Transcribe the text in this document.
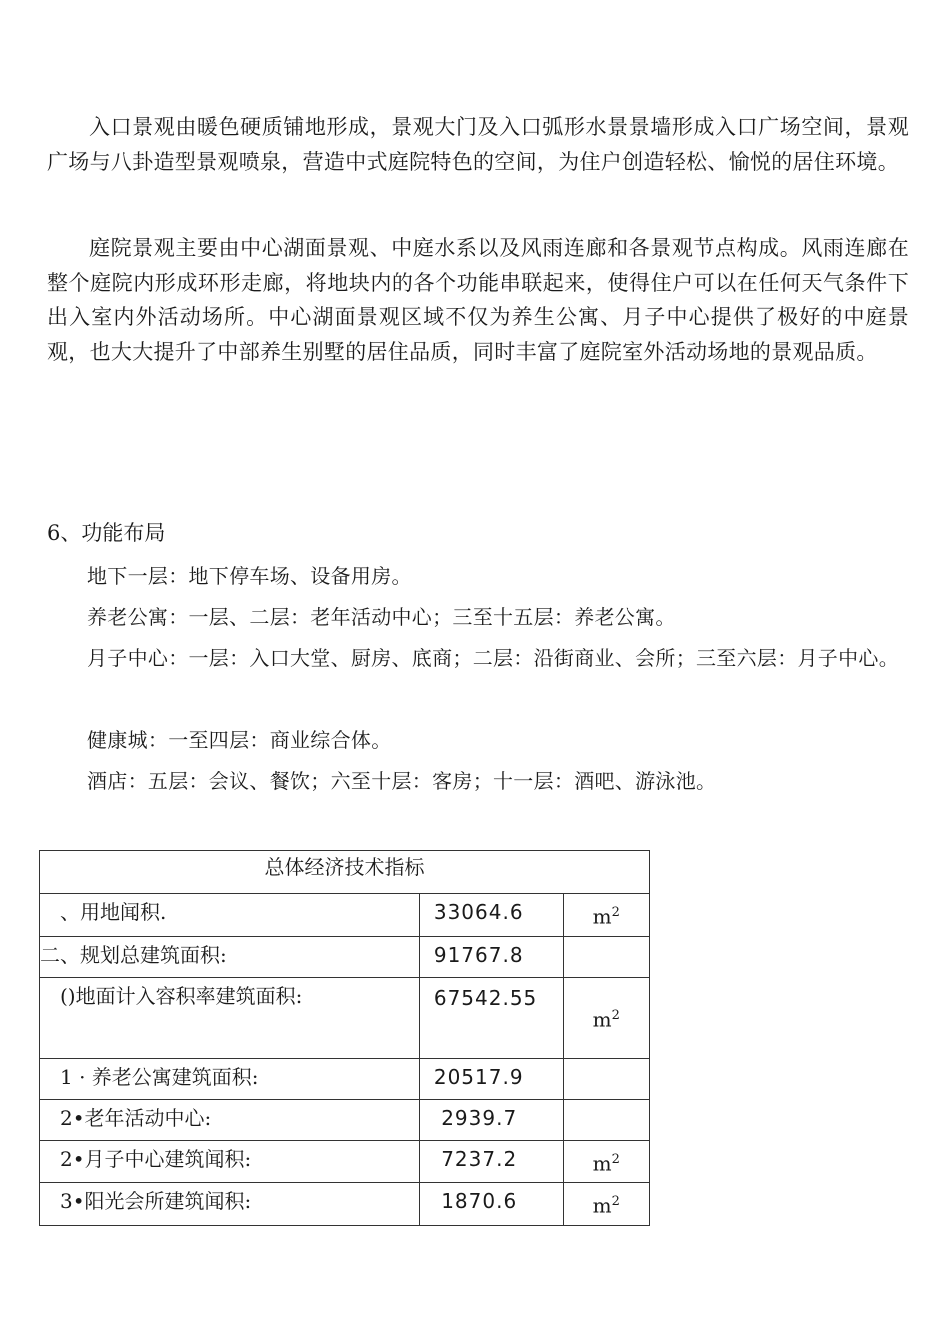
入口景观由暖色硬质铺地形成，景观大门及入口弧形水景景墙形成入口广场空间，景观广场与八卦造型景观喷泉，营造中式庭院特色的空间，为住户创造轻松、愉悦的居住环境。

庭院景观主要由中心湖面景观、中庭水系以及风雨连廊和各景观节点构成。风雨连廊在整个庭院内形成环形走廊，将地块内的各个功能串联起来，使得住户可以在任何天气条件下出入室内外活动场所。中心湖面景观区域不仅为养生公寓、月子中心提供了极好的中庭景观，也大大提升了中部养生别墅的居住品质，同时丰富了庭院室外活动场地的景观品质。

6、功能布局

地下一层：地下停车场、设备用房。

养老公寓：一层、二层：老年活动中心；三至十五层：养老公寓。

月子中心：一层：入口大堂、厨房、底商；二层：沿街商业、会所；三至六层：月子中心。

健康城：一至四层：商业综合体。

酒店：五层：会议、餐饮；六至十层：客房；十一层：酒吧、游泳池。

总体经济技术指标		
　、用地闻积.	33064.6	$m^2$
二、规划总建筑面积:	91767.8	

　()地面计入容积率建筑面积:	67542.55	$m^2$
　1 · 养老公寓建筑面积:	20517.9	

　2•老年活动中心:	2939.7	

　2•月子中心建筑闻积:	7237.2	$m^2$
　3•阳光会所建筑闻积:	1870.6	$m^2$
